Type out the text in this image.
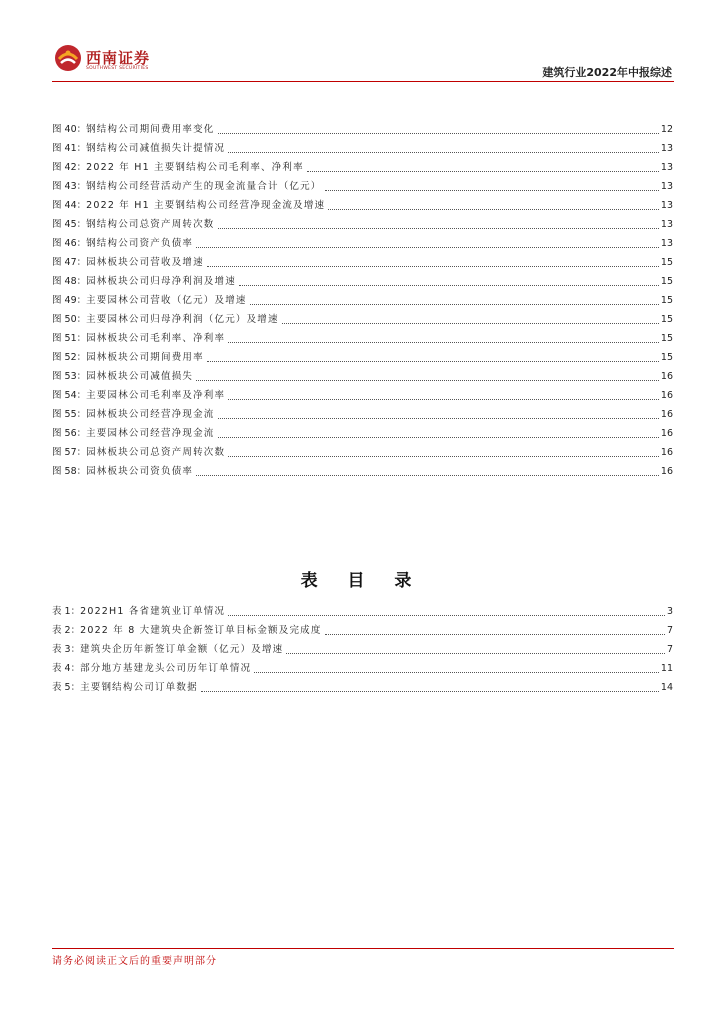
西南证券
SOUTHWEST SECURITIES	建筑行业2022年中报综述
图 40： 钢结构公司期间费用率变化	12
图 41： 钢结构公司减值损失计提情况	13
图 42： 2022 年 H1 主要钢结构公司毛利率、净利率	13
图 43： 钢结构公司经营活动产生的现金流量合计（亿元）	13
图 44： 2022 年 H1 主要钢结构公司经营净现金流及增速	13
图 45： 钢结构公司总资产周转次数	13
图 46： 钢结构公司资产负债率	13
图 47： 园林板块公司营收及增速	15
图 48： 园林板块公司归母净利润及增速	15
图 49： 主要园林公司营收（亿元）及增速	15
图 50： 主要园林公司归母净利润（亿元）及增速	15
图 51： 园林板块公司毛利率、净利率	15
图 52： 园林板块公司期间费用率	15
图 53： 园林板块公司减值损失	16
图 54： 主要园林公司毛利率及净利率	16
图 55： 园林板块公司经营净现金流	16
图 56： 主要园林公司经营净现金流	16
图 57： 园林板块公司总资产周转次数	16
图 58： 园林板块公司资负债率	16
表 目 录
表 1： 2022H1 各省建筑业订单情况	3
表 2： 2022 年 8 大建筑央企新签订单目标金额及完成度	7
表 3： 建筑央企历年新签订单金额（亿元）及增速	7
表 4： 部分地方基建龙头公司历年订单情况	11
表 5： 主要钢结构公司订单数据	14
请务必阅读正文后的重要声明部分
